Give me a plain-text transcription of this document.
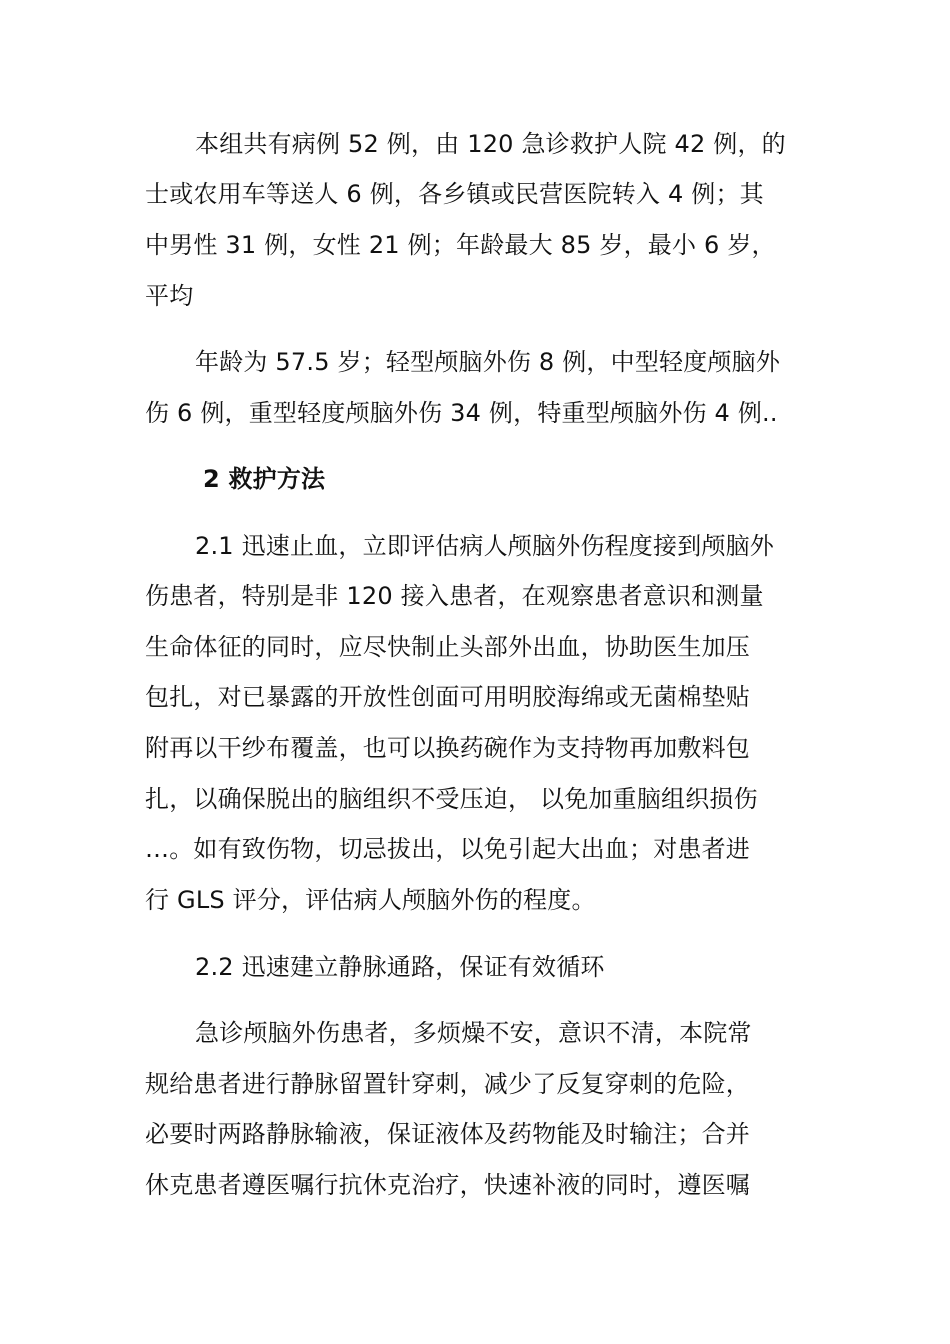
本组共有病例 52 例，由 120 急诊救护人院 42 例，的
士或农用车等送人 6 例，各乡镇或民营医院转入 4 例；其
中男性 31 例，女性 21 例；年龄最大 85 岁，最小 6 岁，
平均
年龄为 57.5 岁；轻型颅脑外伤 8 例，中型轻度颅脑外
伤 6 例，重型轻度颅脑外伤 34 例，特重型颅脑外伤 4 例..
2 救护方法
2.1 迅速止血，立即评估病人颅脑外伤程度接到颅脑外
伤患者，特别是非 120 接入患者，在观察患者意识和测量
生命体征的同时，应尽快制止头部外出血，协助医生加压
包扎，对已暴露的开放性创面可用明胶海绵或无菌棉垫贴
附再以干纱布覆盖，也可以换药碗作为支持物再加敷料包
扎，以确保脱出的脑组织不受压迫， 以免加重脑组织损伤
…。如有致伤物，切忌拔出，以免引起大出血；对患者进
行 GLS 评分，评估病人颅脑外伤的程度。
2.2 迅速建立静脉通路，保证有效循环
急诊颅脑外伤患者，多烦燥不安，意识不清，本院常
规给患者进行静脉留置针穿刺，减少了反复穿刺的危险，
必要时两路静脉输液，保证液体及药物能及时输注；合并
休克患者遵医嘱行抗休克治疗，快速补液的同时，遵医嘱
